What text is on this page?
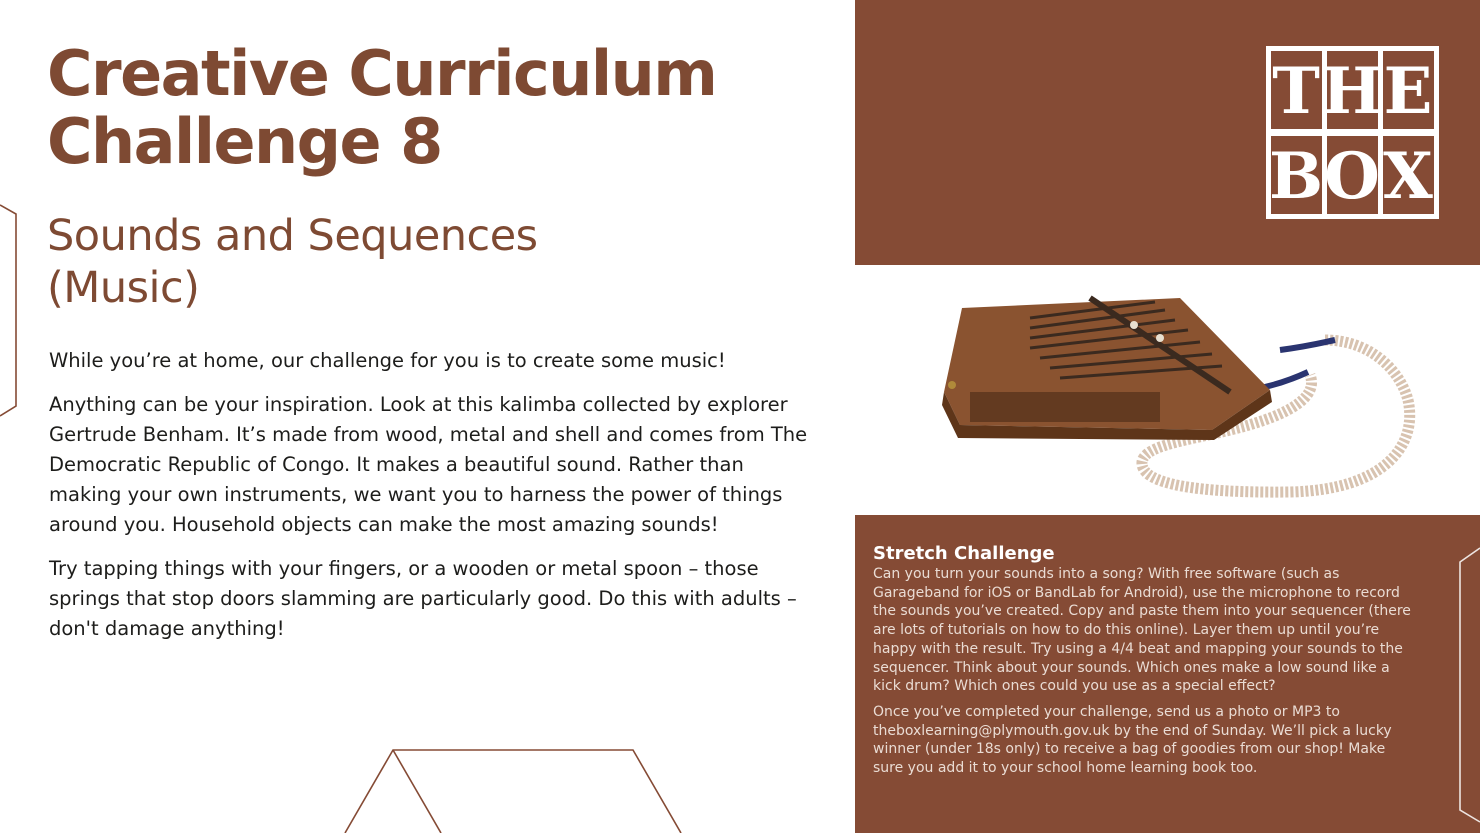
Creative Curriculum Challenge 8
Sounds and Sequences (Music)

While you’re at home, our challenge for you is to create some music!

Anything can be your inspiration. Look at this kalimba collected by explorer Gertrude Benham. It’s made from wood, metal and shell and comes from The Democratic Republic of Congo. It makes a beautiful sound. Rather than making your own instruments, we want you to harness the power of things around you. Household objects can make the most amazing sounds!

Try tapping things with your fingers, or a wooden or metal spoon – those springs that stop doors slamming are particularly good. Do this with adults – don't damage anything!

T H E
B O X
Stretch Challenge

Can you turn your sounds into a song? With free software (such as Garageband for iOS or BandLab for Android), use the microphone to record the sounds you’ve created. Copy and paste them into your sequencer (there are lots of tutorials on how to do this online). Layer them up until you’re happy with the result. Try using a 4/4 beat and mapping your sounds to the sequencer. Think about your sounds. Which ones make a low sound like a kick drum? Which ones could you use as a special effect?

Once you’ve completed your challenge, send us a photo or MP3 to theboxlearning@plymouth.gov.uk by the end of Sunday. We’ll pick a lucky winner (under 18s only) to receive a bag of goodies from our shop! Make sure you add it to your school home learning book too.
